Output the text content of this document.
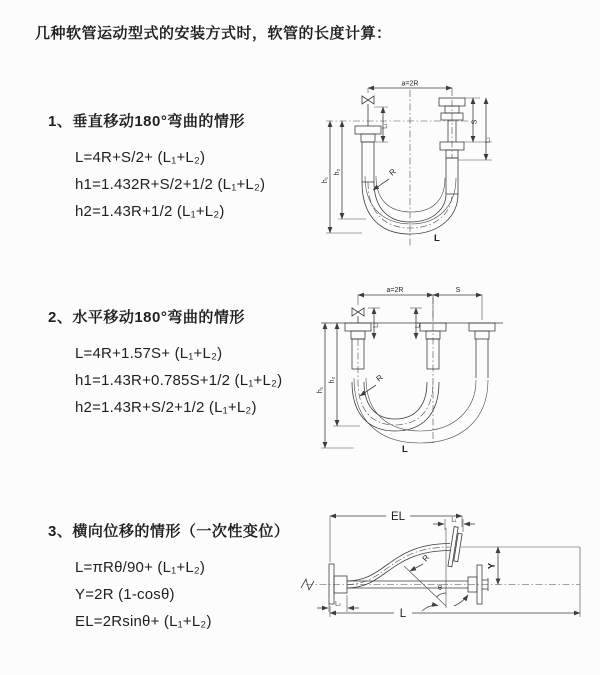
几种软管运动型式的安装方式时，软管的长度计算：
1、垂直移动180°弯曲的情形
L=4R+S/2+ (L₁+L₂)
h1=1.432R+S/2+1/2 (L₁+L₂)
h2=1.43R+1/2 (L₁+L₂)
a=2R
S
L₂
h₁
h₂
L₁
R
L
2、水平移动180°弯曲的情形
L=4R+1.57S+ (L₁+L₂)
h1=1.43R+0.785S+1/2 (L₁+L₂)
h2=1.43R+S/2+1/2 (L₁+L₂)
a=2R	S
L₁	L₂
h₁
h₂	R
L
3、横向位移的情形（一次性变位）
L=πRθ/90+ (L₁+L₂)
Y=2R (1-cosθ)
EL=2Rsinθ+ (L₁+L₂)
EL	L₁
L₂
Y
θ
R
L
